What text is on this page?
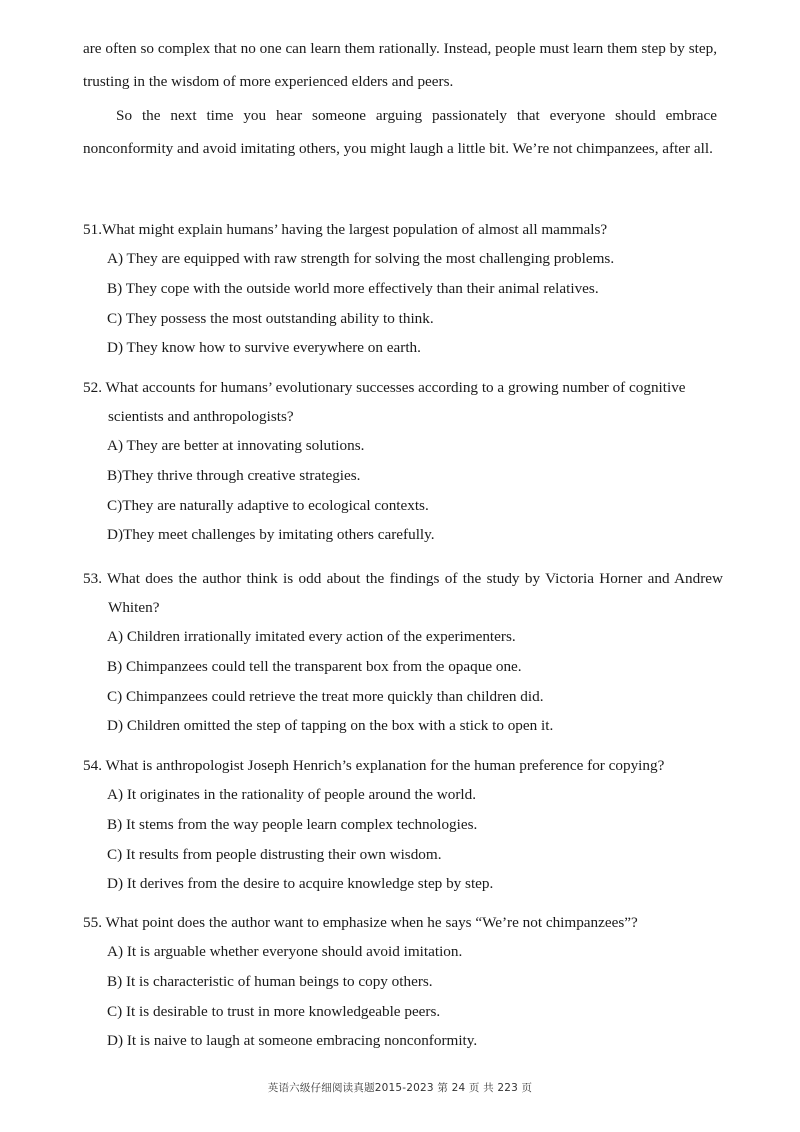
are often so complex that no one can learn them rationally. Instead, people must learn them step by step, trusting in the wisdom of more experienced elders and peers.

So the next time you hear someone arguing passionately that everyone should embrace nonconformity and avoid imitating others, you might laugh a little bit. We’re not chimpanzees, after all.

51.What might explain humans’ having the largest population of almost all mammals?

A) They are equipped with raw strength for solving the most challenging problems.

B) They cope with the outside world more effectively than their animal relatives.

C) They possess the most outstanding ability to think.

D) They know how to survive everywhere on earth.

52. What accounts for humans’ evolutionary successes according to a growing number of cognitive scientists and anthropologists?

A) They are better at innovating solutions.

B)They thrive through creative strategies.

C)They are naturally adaptive to ecological contexts.

D)They meet challenges by imitating others carefully.

53. What does the author think is odd about the findings of the study by Victoria Horner and Andrew Whiten?

A) Children irrationally imitated every action of the experimenters.

B) Chimpanzees could tell the transparent box from the opaque one.

C) Chimpanzees could retrieve the treat more quickly than children did.

D) Children omitted the step of tapping on the box with a stick to open it.

54. What is anthropologist Joseph Henrich’s explanation for the human preference for copying?

A) It originates in the rationality of people around the world.

B) It stems from the way people learn complex technologies.

C) It results from people distrusting their own wisdom.

D) It derives from the desire to acquire knowledge step by step.

55. What point does the author want to emphasize when he says “We’re not chimpanzees”?

A) It is arguable whether everyone should avoid imitation.

B) It is characteristic of human beings to copy others.

C) It is desirable to trust in more knowledgeable peers.

D) It is naive to laugh at someone embracing nonconformity.

英语六级仔细阅读真题2015-2023 第 24 页 共 223 页
